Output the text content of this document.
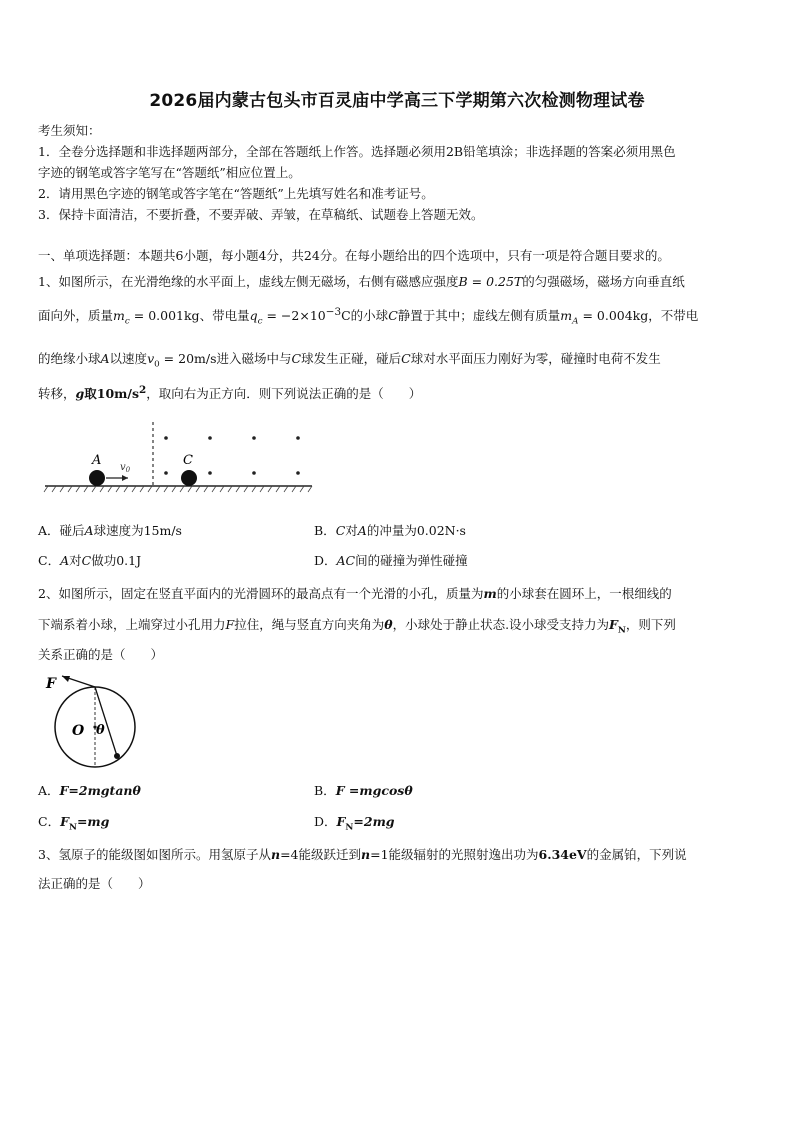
2026届内蒙古包头市百灵庙中学高三下学期第六次检测物理试卷
考生须知：
1．全卷分选择题和非选择题两部分，全部在答题纸上作答。选择题必须用2B铅笔填涂；非选择题的答案必须用黑色
字迹的钢笔或答字笔写在“答题纸”相应位置上。
2．请用黑色字迹的钢笔或答字笔在“答题纸”上先填写姓名和准考证号。
3．保持卡面清洁，不要折叠，不要弄破、弄皱，在草稿纸、试题卷上答题无效。
一、单项选择题：本题共6小题，每小题4分，共24分。在每小题给出的四个选项中，只有一项是符合题目要求的。
1、如图所示，在光滑绝缘的水平面上，虚线左侧无磁场，右侧有磁感应强度B = 0.25T的匀强磁场，磁场方向垂直纸
面向外，质量$m_c = 0.001kg$、带电量$q_c = -2\times 10^{-3}C$的小球C静置于其中；虚线左侧有质量$m_A = 0.004kg$，不带电
的绝缘小球A以速度$v_0 = 20m/s$进入磁场中与C球发生正碰，碰后C球对水平面压力刚好为零，碰撞时电荷不发生
转移，g取$10m/s^2$，取向右为正方向．则下列说法正确的是（　　）
A	C
$v_0$
A．碰后A球速度为15m/s	B．C对A的冲量为0.02N·s
C．A对C做功0.1J	D．AC间的碰撞为弹性碰撞
2、如图所示，固定在竖直平面内的光滑圆环的最高点有一个光滑的小孔，质量为m的小球套在圆环上，一根细线的
下端系着小球，上端穿过小孔用力F拉住，绳与竖直方向夹角为θ，小球处于静止状态.设小球受支持力为$F_N$，则下列
关系正确的是（　　）
F
O θ
A．F=2mgtanθ	B．F =mgcosθ
C．$F_N=mg$	D．$F_N=2mg$
3、氢原子的能级图如图所示。用氢原子从n=4能级跃迁到n=1能级辐射的光照射逸出功为6.34eV的金属铂，下列说
法正确的是（　　）
